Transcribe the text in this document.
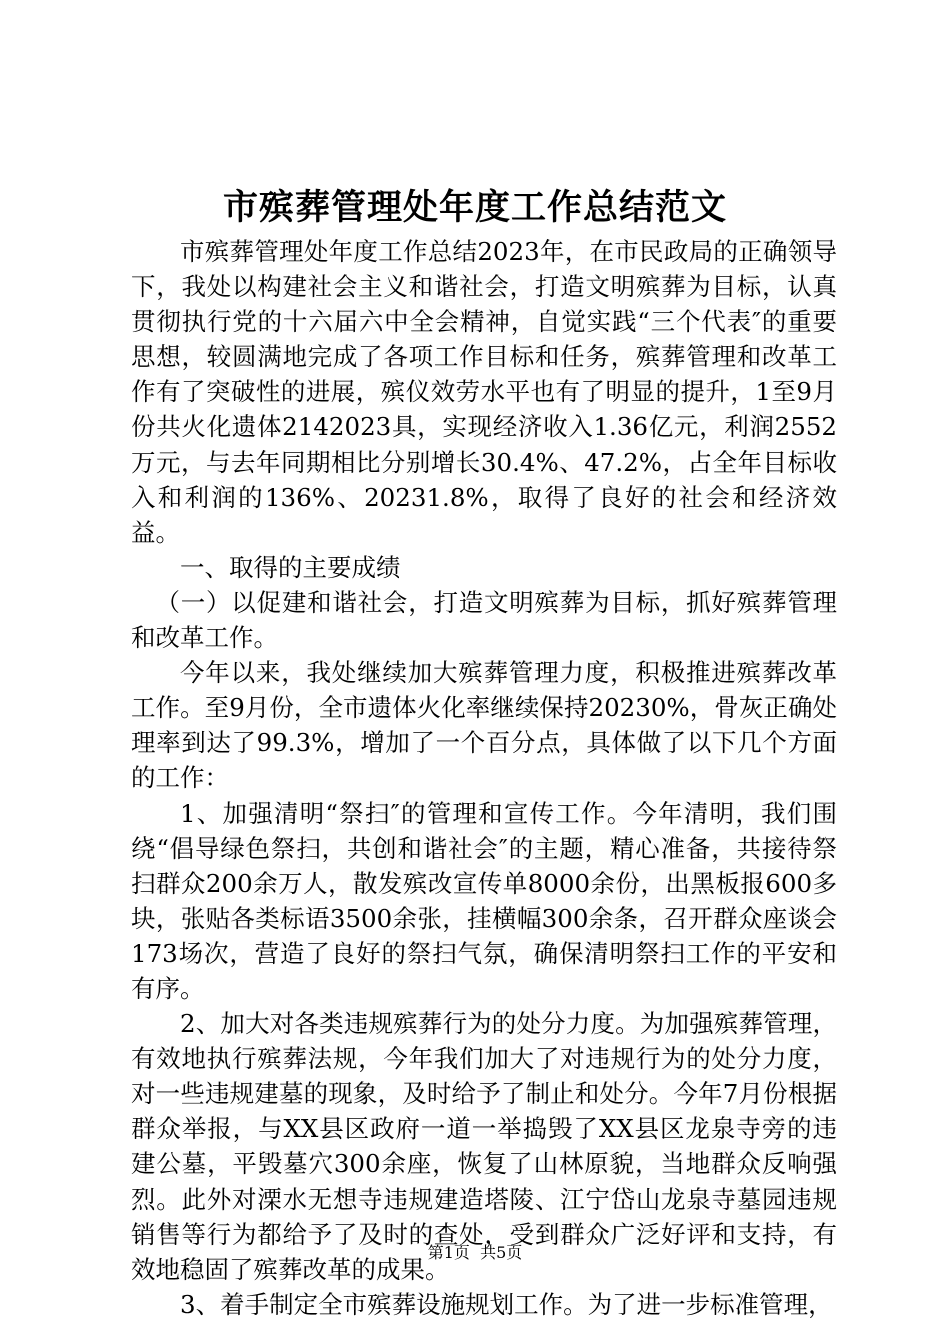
市殡葬管理处年度工作总结范文

市殡葬管理处年度工作总结2023年，在市民政局的正确领导下，我处以构建社会主义和谐社会，打造文明殡葬为目标，认真贯彻执行党的十六届六中全会精神，自觉实践“三个代表″的重要思想，较圆满地完成了各项工作目标和任务，殡葬管理和改革工作有了突破性的进展，殡仪效劳水平也有了明显的提升，1至9月份共火化遗体2142023具，实现经济收入1.36亿元，利润2552万元，与去年同期相比分别增长30.4%、47.2%，占全年目标收入和利润的136%、20231.8%，取得了良好的社会和经济效益。

一、取得的主要成绩

（一）以促建和谐社会，打造文明殡葬为目标，抓好殡葬管理和改革工作。

今年以来，我处继续加大殡葬管理力度，积极推进殡葬改革工作。至9月份，全市遗体火化率继续保持20230%，骨灰正确处理率到达了99.3%，增加了一个百分点，具体做了以下几个方面的工作：

1、加强清明“祭扫″的管理和宣传工作。今年清明，我们围绕“倡导绿色祭扫，共创和谐社会″的主题，精心准备，共接待祭扫群众200余万人，散发殡改宣传单8000余份，出黑板报600多块，张贴各类标语3500余张，挂横幅300余条，召开群众座谈会173场次，营造了良好的祭扫气氛，确保清明祭扫工作的平安和有序。

2、加大对各类违规殡葬行为的处分力度。为加强殡葬管理，有效地执行殡葬法规，今年我们加大了对违规行为的处分力度，对一些违规建墓的现象，及时给予了制止和处分。今年7月份根据群众举报，与XX县区政府一道一举捣毁了XX县区龙泉寺旁的违建公墓，平毁墓穴300余座，恢复了山林原貌，当地群众反响强烈。此外对溧水无想寺违规建造塔陵、江宁岱山龙泉寺墓园违规销售等行为都给予了及时的查处，受到群众广泛好评和支持，有效地稳固了殡葬改革的成果。

3、着手制定全市殡葬设施规划工作。为了进一步标准管理，

第1页  共5页
